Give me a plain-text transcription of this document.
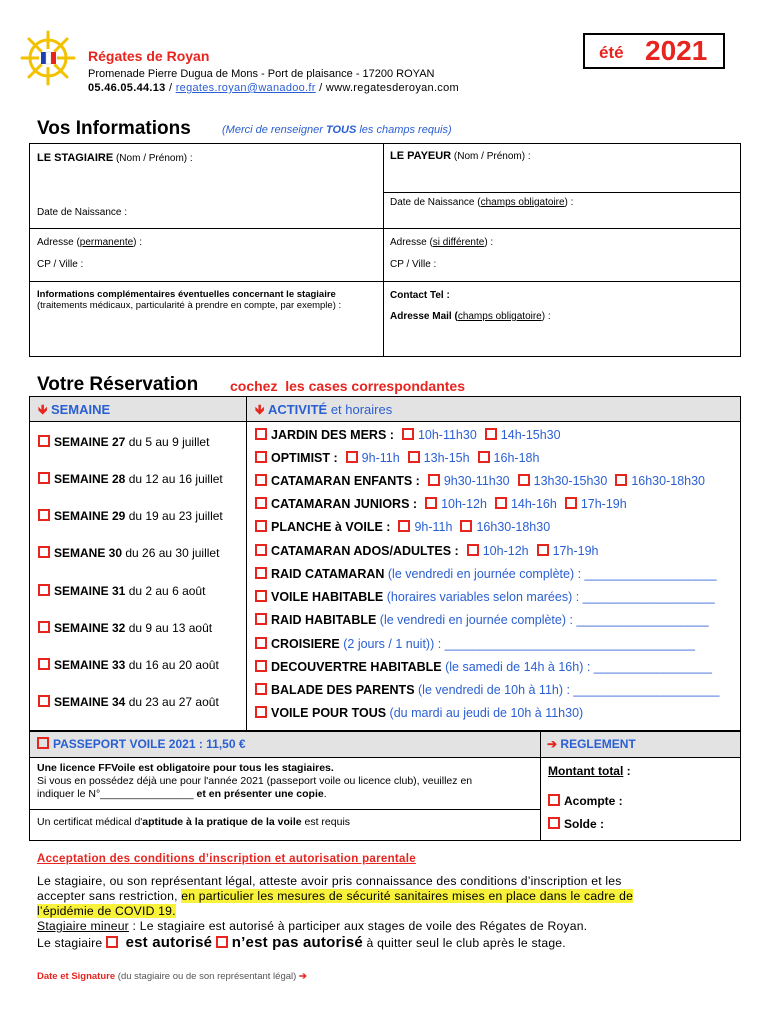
Régates de Royan
Promenade Pierre Dugua de Mons - Port de plaisance - 17200 ROYAN
05.46.05.44.13 / regates.royan@wanadoo.fr / www.regatesderoyan.com
été 2021
Vos Informations	(Merci de renseigner TOUS les champs requis)
LE STAGIAIRE (Nom / Prénom) :	LE PAYEUR (Nom / Prénom) :
Date de Naissance (champs obligatoire) :
Date de Naissance :
Adresse (permanente) :	Adresse (si différente) :
CP / Ville :	CP / Ville :
Informations complémentaires éventuelles concernant le stagiaire
(traitements médicaux, particularité à prendre en compte, par exemple) :
Contact Tel :
Adresse Mail (champs obligatoire) :
Votre Réservation cochez  les cases correspondantes
🡻 SEMAINE	🡻 ACTIVITÉ et horaires
SEMAINE 27 du 5 au 9 juillet
SEMAINE 28 du 12 au 16 juillet
SEMAINE 29 du 19 au 23 juillet
SEMANE 30 du 26 au 30 juillet
SEMAINE 31 du 2 au 6 août
SEMAINE 32 du 9 au 13 août
SEMAINE 33 du 16 au 20 août
SEMAINE 34 du 23 au 27 août
JARDIN DES MERS : 10h-11h30 14h-15h30
OPTIMIST : 9h-11h 13h-15h 16h-18h
CATAMARAN ENFANTS : 9h30-11h30 13h30-15h30 16h30-18h30
CATAMARAN JUNIORS : 10h-12h 14h-16h 17h-19h
PLANCHE à VOILE : 9h-11h 16h30-18h30
CATAMARAN ADOS/ADULTES : 10h-12h 17h-19h
RAID CATAMARAN (le vendredi en journée complète) : ___________________
VOILE HABITABLE (horaires variables selon marées) : ___________________
RAID HABITABLE (le vendredi en journée complète) : ___________________
CROISIERE (2 jours / 1 nuit)) : ____________________________________
DECOUVERTRE HABITABLE (le samedi de 14h à 16h) : _________________
BALADE DES PARENTS (le vendredi de 10h à 11h) : _____________________
VOILE POUR TOUS (du mardi au jeudi de 10h à 11h30)
PASSEPORT VOILE 2021 : 11,50 €	➔ REGLEMENT
Une licence FFVoile est obligatoire pour tous les stagiaires.
Si vous en possédez déjà une pour l'année 2021 (passeport voile ou licence club), veuillez en
indiquer le N°________________ et en présenter une copie.
Un certificat médical d'aptitude à la pratique de la voile est requis
Montant total :
Acompte :
Solde :
Acceptation des conditions d’inscription et autorisation parentale
Le stagiaire, ou son représentant légal, atteste avoir pris connaissance des conditions d’inscription et les
accepter sans restriction, en particulier les mesures de sécurité sanitaires mises en place dans le cadre de
l’épidémie de COVID 19.
Stagiaire mineur : Le stagiaire est autorisé à participer aux stages de voile des Régates de Royan.
Le stagiaire  est autorisé n’est pas autorisé à quitter seul le club après le stage.
Date et Signature (du stagiaire ou de son représentant légal) ➔
